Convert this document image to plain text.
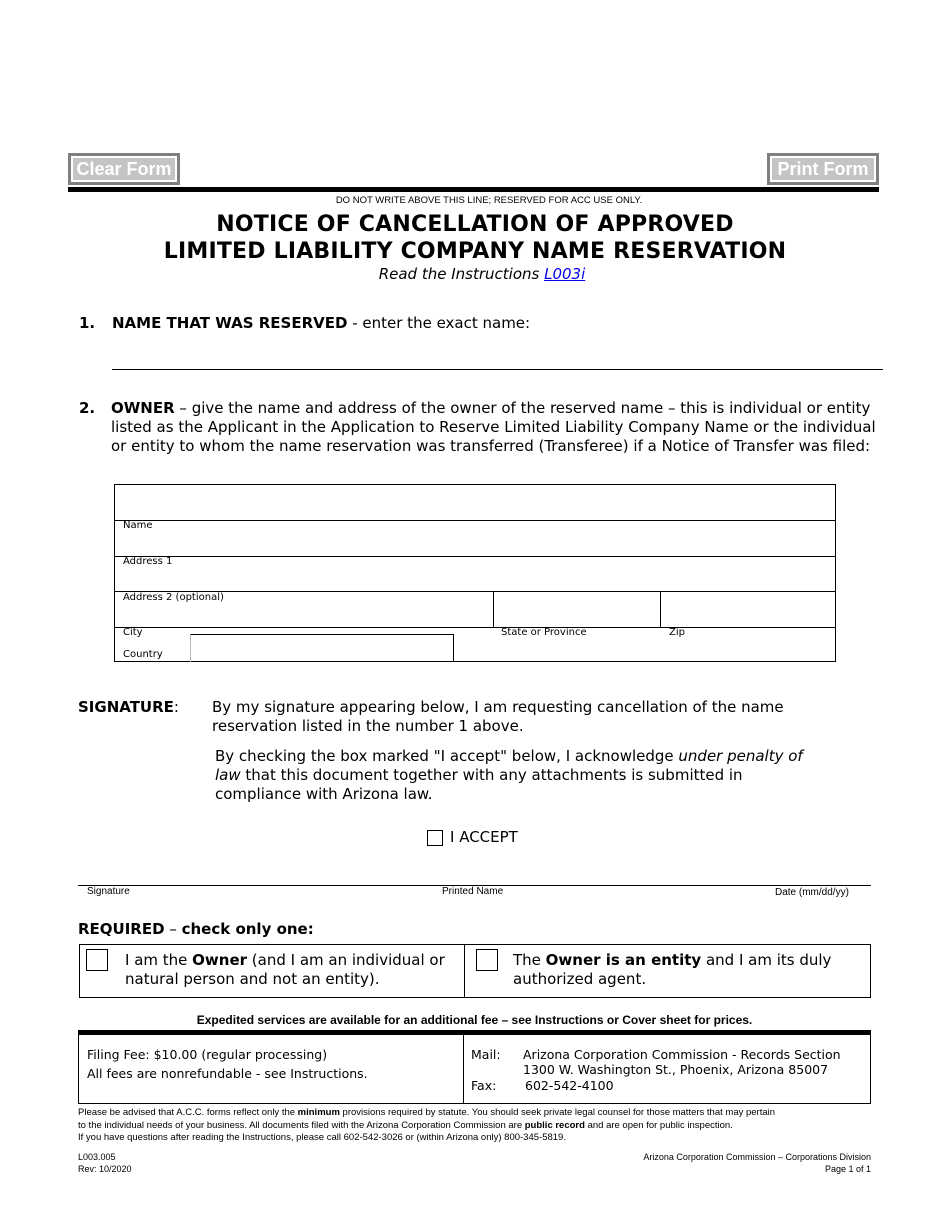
Clear Form	Print Form
DO NOT WRITE ABOVE THIS LINE; RESERVED FOR ACC USE ONLY.
NOTICE OF CANCELLATION OF APPROVED
LIMITED LIABILITY COMPANY NAME RESERVATION
Read the Instructions L003i
1. NAME THAT WAS RESERVED - enter the exact name:
2. OWNER – give the name and address of the owner of the reserved name – this is individual or entity listed as the Applicant in the Application to Reserve Limited Liability Company Name or the individual or entity to whom the name reservation was transferred (Transferee) if a Notice of Transfer was filed:
Name
Address 1
Address 2 (optional)
City	State or Province	Zip
Country
SIGNATURE: By my signature appearing below, I am requesting cancellation of the name reservation listed in the number 1 above.
By checking the box marked "I accept" below, I acknowledge under penalty of law that this document together with any attachments is submitted in compliance with Arizona law.
I ACCEPT
Signature	Printed Name	Date (mm/dd/yy)
REQUIRED – check only one:
I am the Owner (and I am an individual or natural person and not an entity).
The Owner is an entity and I am its duly authorized agent.
Expedited services are available for an additional fee – see Instructions or Cover sheet for prices.
Filing Fee: $10.00 (regular processing)
All fees are nonrefundable - see Instructions.
Mail: Arizona Corporation Commission - Records Section
1300 W. Washington St., Phoenix, Arizona 85007
Fax: 602-542-4100
Please be advised that A.C.C. forms reflect only the minimum provisions required by statute. You should seek private legal counsel for those matters that may pertain
to the individual needs of your business. All documents filed with the Arizona Corporation Commission are public record and are open for public inspection.
If you have questions after reading the Instructions, please call 602-542-3026 or (within Arizona only) 800-345-5819.
L003.005
Rev: 10/2020
Arizona Corporation Commission – Corporations Division
Page 1 of 1
